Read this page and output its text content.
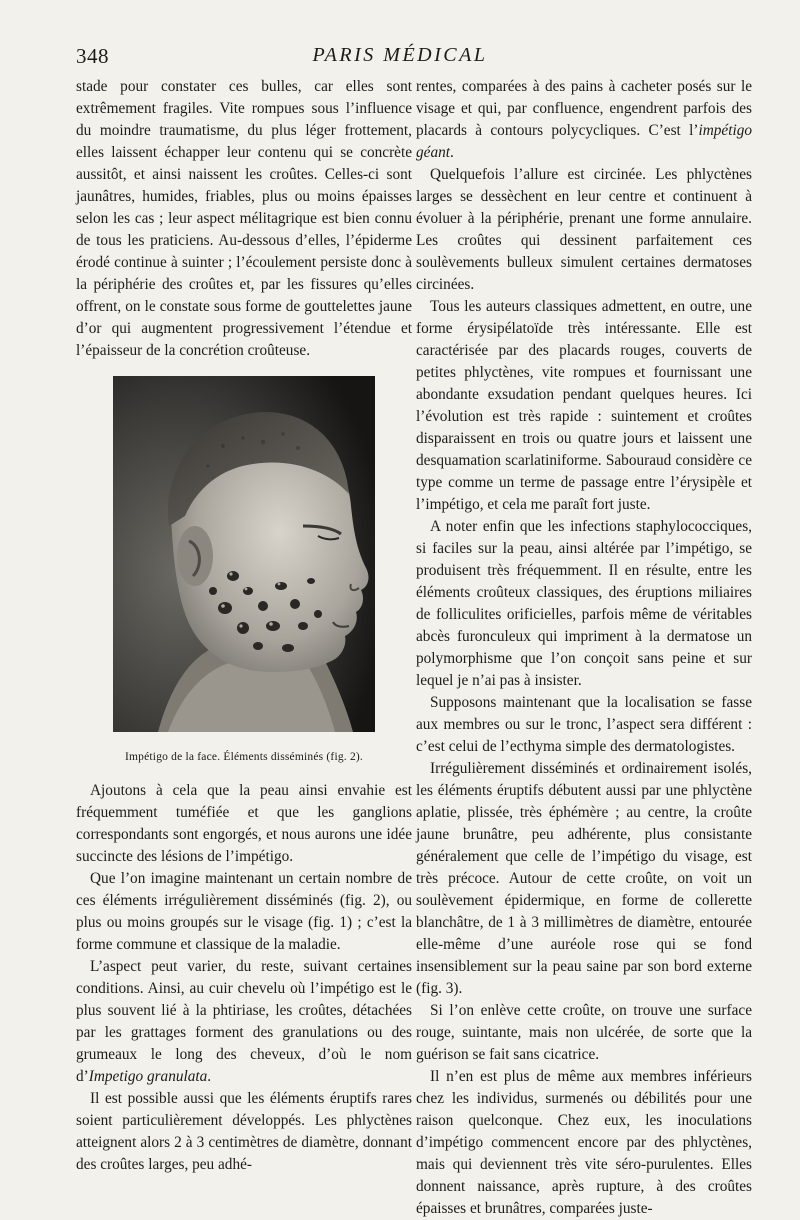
348	PARIS MÉDICAL

stade pour constater ces bulles, car elles sont extrêmement fragiles. Vite rompues sous l’influence du moindre traumatisme, du plus léger frottement, elles laissent échapper leur contenu qui se concrète aussitôt, et ainsi naissent les croûtes. Celles-ci sont jaunâtres, humides, friables, plus ou moins épaisses selon les cas ; leur aspect mélitagrique est bien connu de tous les praticiens. Au-dessous d’elles, l’épiderme érodé continue à suinter ; l’écoulement persiste donc à la périphérie des croûtes et, par les fissures qu’elles offrent, on le constate sous forme de gouttelettes jaune d’or qui augmentent progressivement l’étendue et l’épaisseur de la concrétion croûteuse.

Impétigo de la face. Éléments disséminés (fig. 2).

Ajoutons à cela que la peau ainsi envahie est fréquemment tuméfiée et que les ganglions correspondants sont engorgés, et nous aurons une idée succincte des lésions de l’impétigo.

Que l’on imagine maintenant un certain nombre de ces éléments irrégulièrement disséminés (fig. 2), ou plus ou moins groupés sur le visage (fig. 1) ; c’est la forme commune et classique de la maladie.

L’aspect peut varier, du reste, suivant certaines conditions. Ainsi, au cuir chevelu où l’impétigo est le plus souvent lié à la phtiriase, les croûtes, détachées par les grattages forment des granulations ou des grumeaux le long des cheveux, d’où le nom d’Impetigo granulata.

Il est possible aussi que les éléments éruptifs rares soient particulièrement développés. Les phlyctènes atteignent alors 2 à 3 centimètres de diamètre, donnant des croûtes larges, peu adhé-

rentes, comparées à des pains à cacheter posés sur le visage et qui, par confluence, engendrent parfois des placards à contours polycycliques. C’est l’impétigo géant.

Quelquefois l’allure est circinée. Les phlyctènes larges se dessèchent en leur centre et continuent à évoluer à la périphérie, prenant une forme annulaire. Les croûtes qui dessinent parfaitement ces soulèvements bulleux simulent certaines dermatoses circinées.

Tous les auteurs classiques admettent, en outre, une forme érysipélatoïde très intéressante. Elle est caractérisée par des placards rouges, couverts de petites phlyctènes, vite rompues et fournissant une abondante exsudation pendant quelques heures. Ici l’évolution est très rapide : suintement et croûtes disparaissent en trois ou quatre jours et laissent une desquamation scarlatiniforme. Sabouraud considère ce type comme un terme de passage entre l’érysipèle et l’impétigo, et cela me paraît fort juste.

A noter enfin que les infections staphylococciques, si faciles sur la peau, ainsi altérée par l’impétigo, se produisent très fréquemment. Il en résulte, entre les éléments croûteux classiques, des éruptions miliaires de folliculites orificielles, parfois même de véritables abcès furonculeux qui impriment à la dermatose un polymorphisme que l’on conçoit sans peine et sur lequel je n’ai pas à insister.

Supposons maintenant que la localisation se fasse aux membres ou sur le tronc, l’aspect sera différent : c’est celui de l’ecthyma simple des dermatologistes.

Irrégulièrement disséminés et ordinairement isolés, les éléments éruptifs débutent aussi par une phlyctène aplatie, plissée, très éphémère ; au centre, la croûte jaune brunâtre, peu adhérente, plus consistante généralement que celle de l’impétigo du visage, est très précoce. Autour de cette croûte, on voit un soulèvement épidermique, en forme de collerette blanchâtre, de 1 à 3 millimètres de diamètre, entourée elle-même d’une auréole rose qui se fond insensiblement sur la peau saine par son bord externe (fig. 3).

Si l’on enlève cette croûte, on trouve une surface rouge, suintante, mais non ulcérée, de sorte que la guérison se fait sans cicatrice.

Il n’en est plus de même aux membres inférieurs chez les individus, surmenés ou débilités pour une raison quelconque. Chez eux, les inoculations d’impétigo commencent encore par des phlyctènes, mais qui deviennent très vite séro-purulentes. Elles donnent naissance, après rupture, à des croûtes épaisses et brunâtres, comparées juste-
